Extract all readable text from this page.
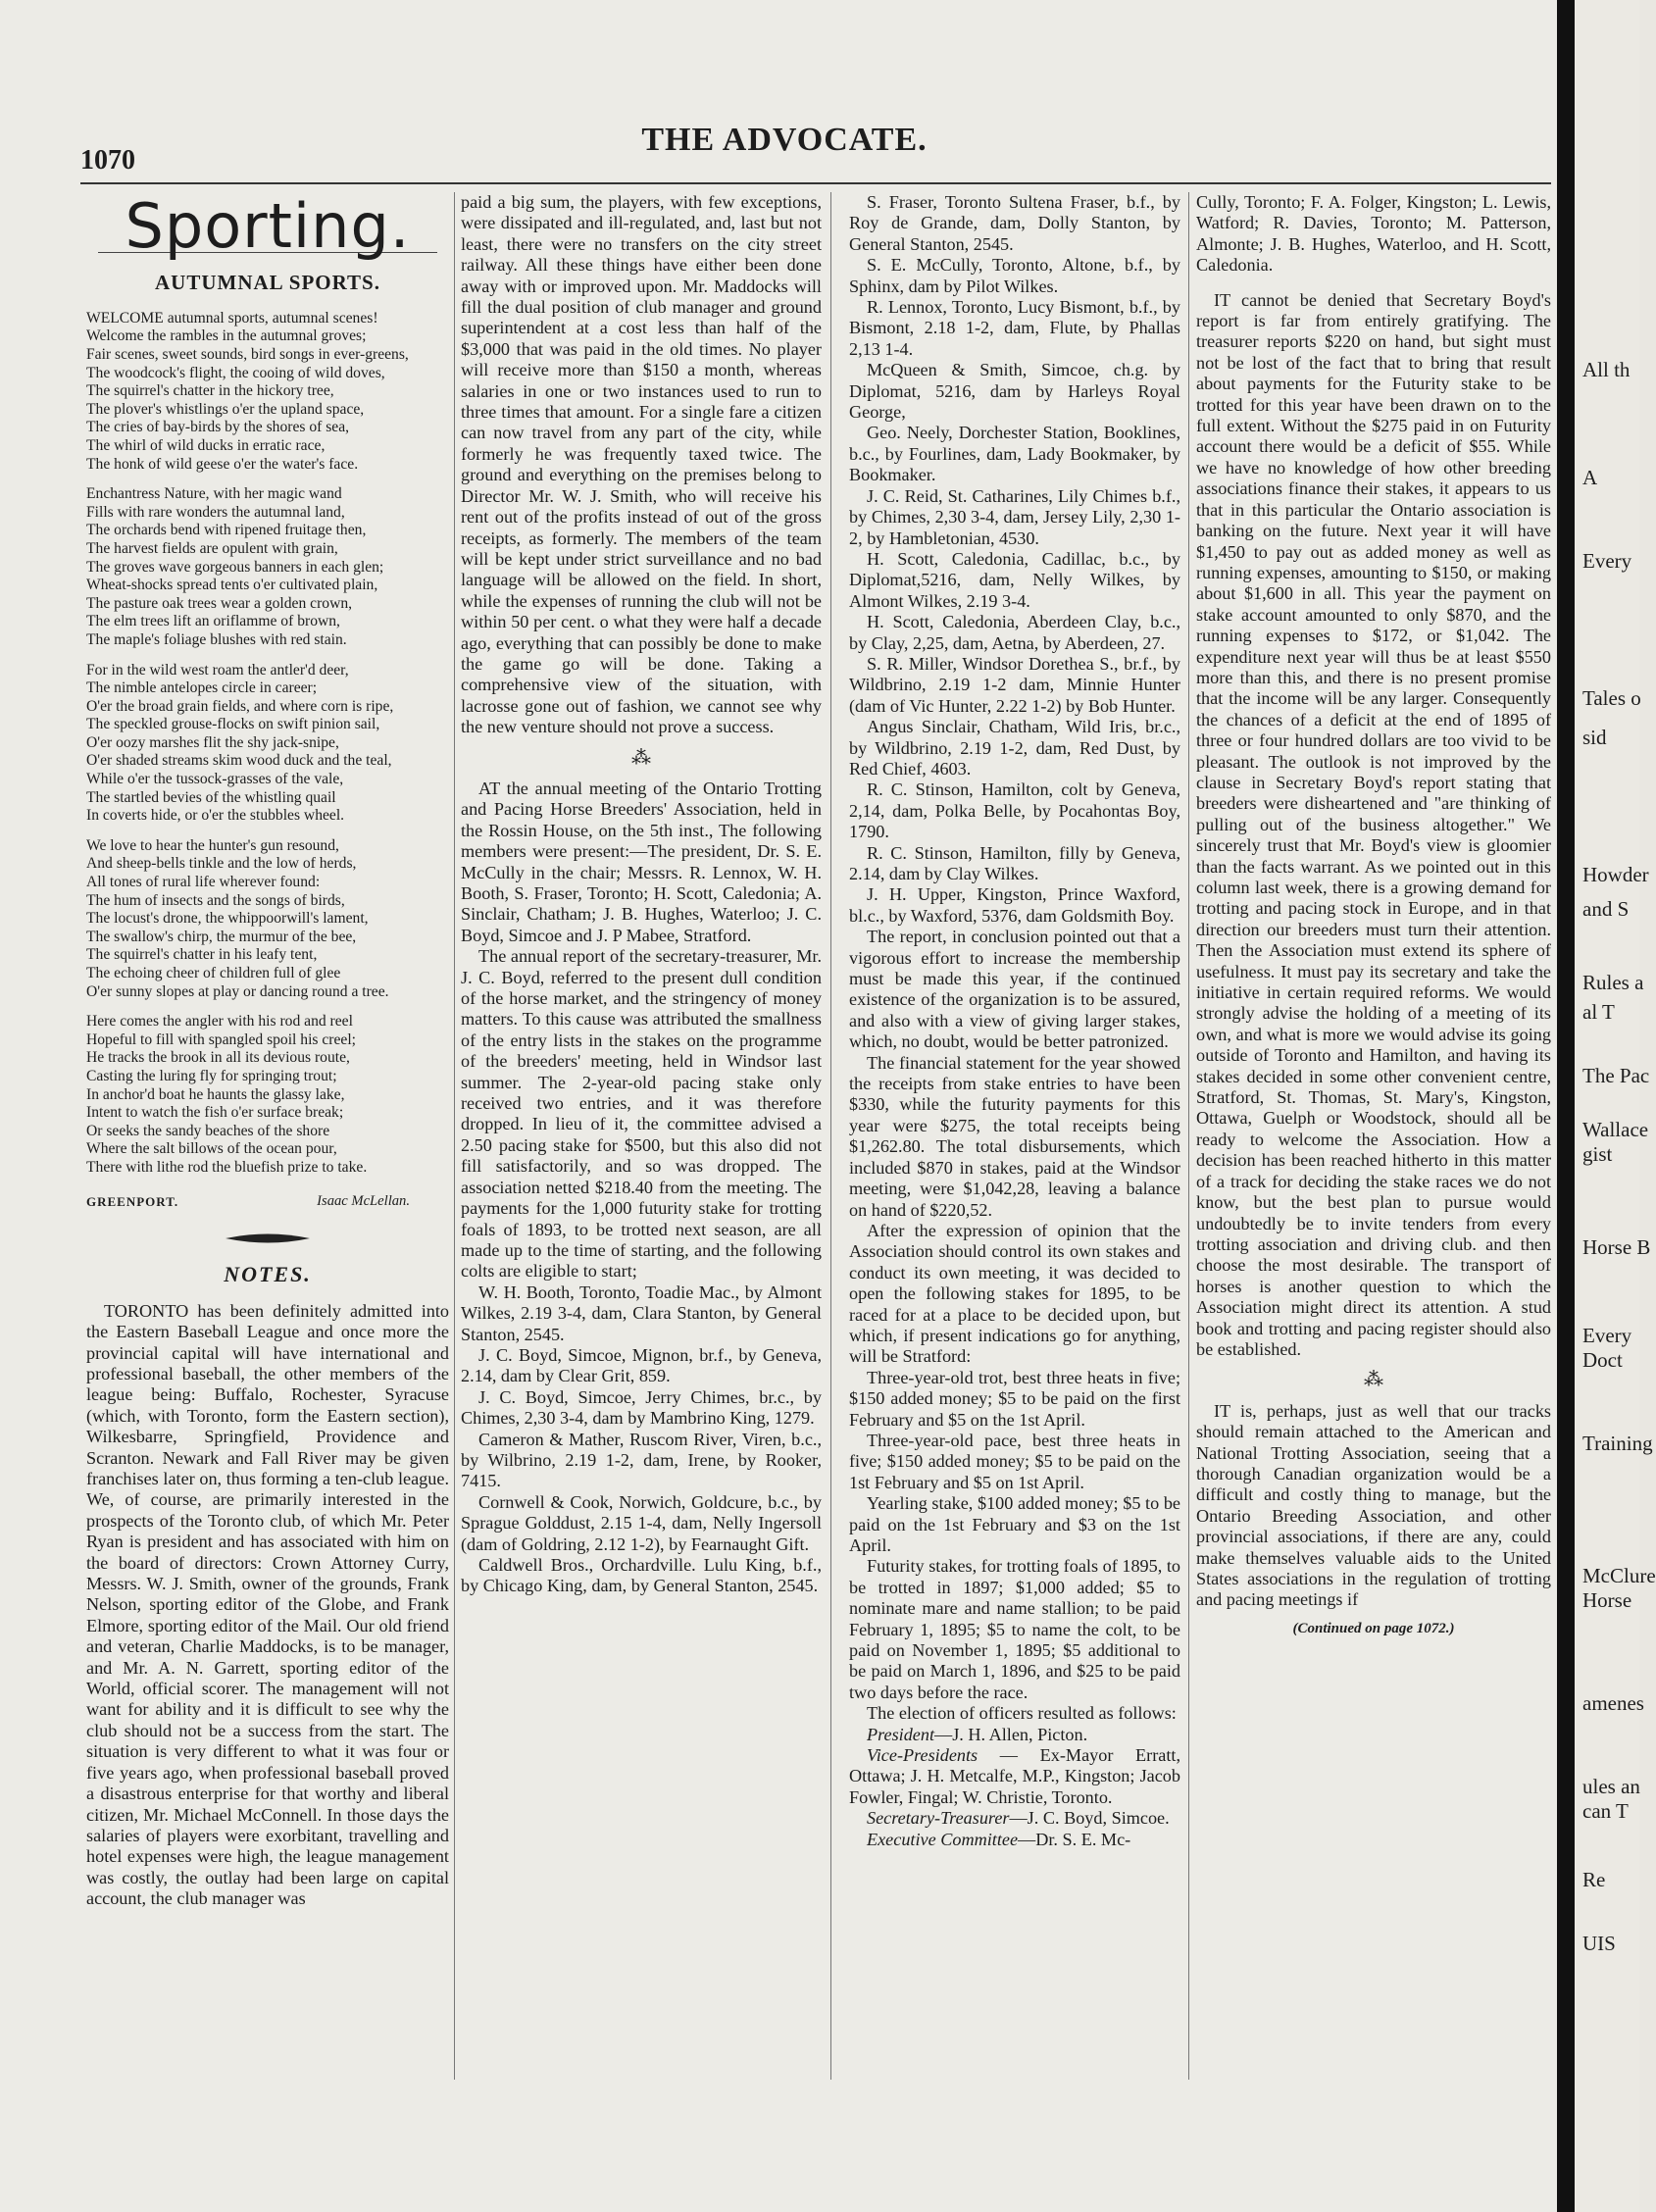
1070
THE ADVOCATE.
Sporting.
AUTUMNAL SPORTS.
WELCOME autumnal sports, autumnal scenes!
Welcome the rambles in the autumnal groves;
Fair scenes, sweet sounds, bird songs in ever-greens,
The woodcock's flight, the cooing of wild doves,
The squirrel's chatter in the hickory tree,
The plover's whistlings o'er the upland space,
The cries of bay-birds by the shores of sea,
The whirl of wild ducks in erratic race,
The honk of wild geese o'er the water's face.
Enchantress Nature, with her magic wand
Fills with rare wonders the autumnal land,
The orchards bend with ripened fruitage then,
The harvest fields are opulent with grain,
The groves wave gorgeous banners in each glen;
Wheat-shocks spread tents o'er cultivated plain,
The pasture oak trees wear a golden crown,
The elm trees lift an oriflamme of brown,
The maple's foliage blushes with red stain.
For in the wild west roam the antler'd deer,
The nimble antelopes circle in career;
O'er the broad grain fields, and where corn is ripe,
The speckled grouse-flocks on swift pinion sail,
O'er oozy marshes flit the shy jack-snipe,
O'er shaded streams skim wood duck and the teal,
While o'er the tussock-grasses of the vale,
The startled bevies of the whistling quail
In coverts hide, or o'er the stubbles wheel.
We love to hear the hunter's gun resound,
And sheep-bells tinkle and the low of herds,
All tones of rural life wherever found:
The hum of insects and the songs of birds,
The locust's drone, the whippoorwill's lament,
The swallow's chirp, the murmur of the bee,
The squirrel's chatter in his leafy tent,
The echoing cheer of children full of glee
O'er sunny slopes at play or dancing round a tree.
Here comes the angler with his rod and reel
Hopeful to fill with spangled spoil his creel;
He tracks the brook in all its devious route,
Casting the luring fly for springing trout;
In anchor'd boat he haunts the glassy lake,
Intent to watch the fish o'er surface break;
Or seeks the sandy beaches of the shore
Where the salt billows of the ocean pour,
There with lithe rod the bluefish prize to take.
GREENPORT.	Isaac McLellan.
NOTES.

TORONTO has been definitely admitted into the Eastern Baseball League and once more the provincial capital will have international and professional baseball, the other members of the league being: Buffalo, Rochester, Syracuse (which, with Toronto, form the Eastern section), Wilkesbarre, Springfield, Providence and Scranton. Newark and Fall River may be given franchises later on, thus forming a ten-club league. We, of course, are primarily interested in the prospects of the Toronto club, of which Mr. Peter Ryan is president and has associated with him on the board of directors: Crown Attorney Curry, Messrs. W. J. Smith, owner of the grounds, Frank Nelson, sporting editor of the Globe, and Frank Elmore, sporting editor of the Mail. Our old friend and veteran, Charlie Maddocks, is to be manager, and Mr. A. N. Garrett, sporting editor of the World, official scorer. The management will not want for ability and it is difficult to see why the club should not be a success from the start. The situation is very different to what it was four or five years ago, when professional baseball proved a disastrous enterprise for that worthy and liberal citizen, Mr. Michael McConnell. In those days the salaries of players were exorbitant, travelling and hotel expenses were high, the league management was costly, the outlay had been large on capital account, the club manager was

paid a big sum, the players, with few exceptions, were dissipated and ill-regulated, and, last but not least, there were no transfers on the city street railway. All these things have either been done away with or improved upon. Mr. Maddocks will fill the dual position of club manager and ground superintendent at a cost less than half of the $3,000 that was paid in the old times. No player will receive more than $150 a month, whereas salaries in one or two instances used to run to three times that amount. For a single fare a citizen can now travel from any part of the city, while formerly he was frequently taxed twice. The ground and everything on the premises belong to Director Mr. W. J. Smith, who will receive his rent out of the profits instead of out of the gross receipts, as formerly. The members of the team will be kept under strict surveillance and no bad language will be allowed on the field. In short, while the expenses of running the club will not be within 50 per cent. o what they were half a decade ago, everything that can possibly be done to make the game go will be done. Taking a comprehensive view of the situation, with lacrosse gone out of fashion, we cannot see why the new venture should not prove a success.

⁂

AT the annual meeting of the Ontario Trotting and Pacing Horse Breeders' Association, held in the Rossin House, on the 5th inst., The following members were present:—The president, Dr. S. E. McCully in the chair; Messrs. R. Lennox, W. H. Booth, S. Fraser, Toronto; H. Scott, Caledonia; A. Sinclair, Chatham; J. B. Hughes, Waterloo; J. C. Boyd, Simcoe and J. P Mabee, Stratford.

The annual report of the secretary-treasurer, Mr. J. C. Boyd, referred to the present dull condition of the horse market, and the stringency of money matters. To this cause was attributed the smallness of the entry lists in the stakes on the programme of the breeders' meeting, held in Windsor last summer. The 2-year-old pacing stake only received two entries, and it was therefore dropped. In lieu of it, the committee advised a 2.50 pacing stake for $500, but this also did not fill satisfactorily, and so was dropped. The association netted $218.40 from the meeting. The payments for the 1,000 futurity stake for trotting foals of 1893, to be trotted next season, are all made up to the time of starting, and the following colts are eligible to start;

W. H. Booth, Toronto, Toadie Mac., by Almont Wilkes, 2.19 3-4, dam, Clara Stanton, by General Stanton, 2545.

J. C. Boyd, Simcoe, Mignon, br.f., by Geneva, 2.14, dam by Clear Grit, 859.

J. C. Boyd, Simcoe, Jerry Chimes, br.c., by Chimes, 2,30 3-4, dam by Mambrino King, 1279.

Cameron & Mather, Ruscom River, Viren, b.c., by Wilbrino, 2.19 1-2, dam, Irene, by Rooker, 7415.

Cornwell & Cook, Norwich, Goldcure, b.c., by Sprague Golddust, 2.15 1-4, dam, Nelly Ingersoll (dam of Goldring, 2.12 1-2), by Fearnaught Gift.

Caldwell Bros., Orchardville. Lulu King, b.f., by Chicago King, dam, by General Stanton, 2545.

S. Fraser, Toronto Sultena Fraser, b.f., by Roy de Grande, dam, Dolly Stanton, by General Stanton, 2545.

S. E. McCully, Toronto, Altone, b.f., by Sphinx, dam by Pilot Wilkes.

R. Lennox, Toronto, Lucy Bismont, b.f., by Bismont, 2.18 1-2, dam, Flute, by Phallas 2,13 1-4.

McQueen & Smith, Simcoe, ch.g. by Diplomat, 5216, dam by Harleys Royal George,

Geo. Neely, Dorchester Station, Booklines, b.c., by Fourlines, dam, Lady Bookmaker, by Bookmaker.

J. C. Reid, St. Catharines, Lily Chimes b.f., by Chimes, 2,30 3-4, dam, Jersey Lily, 2,30 1-2, by Hambletonian, 4530.

H. Scott, Caledonia, Cadillac, b.c., by Diplomat,5216, dam, Nelly Wilkes, by Almont Wilkes, 2.19 3-4.

H. Scott, Caledonia, Aberdeen Clay, b.c., by Clay, 2,25, dam, Aetna, by Aberdeen, 27.

S. R. Miller, Windsor Dorethea S., br.f., by Wildbrino, 2.19 1-2 dam, Minnie Hunter (dam of Vic Hunter, 2.22 1-2) by Bob Hunter.

Angus Sinclair, Chatham, Wild Iris, br.c., by Wildbrino, 2.19 1-2, dam, Red Dust, by Red Chief, 4603.

R. C. Stinson, Hamilton, colt by Geneva, 2,14, dam, Polka Belle, by Pocahontas Boy, 1790.

R. C. Stinson, Hamilton, filly by Geneva, 2.14, dam by Clay Wilkes.

J. H. Upper, Kingston, Prince Waxford, bl.c., by Waxford, 5376, dam Goldsmith Boy.

The report, in conclusion pointed out that a vigorous effort to increase the membership must be made this year, if the continued existence of the organization is to be assured, and also with a view of giving larger stakes, which, no doubt, would be better patronized.

The financial statement for the year showed the receipts from stake entries to have been $330, while the futurity payments for this year were $275, the total receipts being $1,262.80. The total disbursements, which included $870 in stakes, paid at the Windsor meeting, were $1,042,28, leaving a balance on hand of $220,52.

After the expression of opinion that the Association should control its own stakes and conduct its own meeting, it was decided to open the following stakes for 1895, to be raced for at a place to be decided upon, but which, if present indications go for anything, will be Stratford:

Three-year-old trot, best three heats in five; $150 added money; $5 to be paid on the first February and $5 on the 1st April.

Three-year-old pace, best three heats in five; $150 added money; $5 to be paid on the 1st February and $5 on 1st April.

Yearling stake, $100 added money; $5 to be paid on the 1st February and $3 on the 1st April.

Futurity stakes, for trotting foals of 1895, to be trotted in 1897; $1,000 added; $5 to nominate mare and name stallion; to be paid February 1, 1895; $5 to name the colt, to be paid on November 1, 1895; $5 additional to be paid on March 1, 1896, and $25 to be paid two days before the race.

The election of officers resulted as follows:

President—J. H. Allen, Picton.

Vice-Presidents — Ex-Mayor Erratt, Ottawa; J. H. Metcalfe, M.P., Kingston; Jacob Fowler, Fingal; W. Christie, Toronto.

Secretary-Treasurer—J. C. Boyd, Simcoe.

Executive Committee—Dr. S. E. Mc-

Cully, Toronto; F. A. Folger, Kingston; L. Lewis, Watford; R. Davies, Toronto; M. Patterson, Almonte; J. B. Hughes, Waterloo, and H. Scott, Caledonia.

IT cannot be denied that Secretary Boyd's report is far from entirely gratifying. The treasurer reports $220 on hand, but sight must not be lost of the fact that to bring that result about payments for the Futurity stake to be trotted for this year have been drawn on to the full extent. Without the $275 paid in on Futurity account there would be a deficit of $55. While we have no knowledge of how other breeding associations finance their stakes, it appears to us that in this particular the Ontario association is banking on the future. Next year it will have $1,450 to pay out as added money as well as running expenses, amounting to $150, or making about $1,600 in all. This year the payment on stake account amounted to only $870, and the running expenses to $172, or $1,042. The expenditure next year will thus be at least $550 more than this, and there is no present promise that the income will be any larger. Consequently the chances of a deficit at the end of 1895 of three or four hundred dollars are too vivid to be pleasant. The outlook is not improved by the clause in Secretary Boyd's report stating that breeders were disheartened and "are thinking of pulling out of the business altogether." We sincerely trust that Mr. Boyd's view is gloomier than the facts warrant. As we pointed out in this column last week, there is a growing demand for trotting and pacing stock in Europe, and in that direction our breeders must turn their attention. Then the Association must extend its sphere of usefulness. It must pay its secretary and take the initiative in certain required reforms. We would strongly advise the holding of a meeting of its own, and what is more we would advise its going outside of Toronto and Hamilton, and having its stakes decided in some other convenient centre, Stratford, St. Thomas, St. Mary's, Kingston, Ottawa, Guelph or Woodstock, should all be ready to welcome the Association. How a decision has been reached hitherto in this matter of a track for deciding the stake races we do not know, but the best plan to pursue would undoubtedly be to invite tenders from every trotting association and driving club. and then choose the most desirable. The transport of horses is another question to which the Association might direct its attention. A stud book and trotting and pacing register should also be established.

⁂

IT is, perhaps, just as well that our tracks should remain attached to the American and National Trotting Association, seeing that a thorough Canadian organization would be a difficult and costly thing to manage, but the Ontario Breeding Association, and other provincial associations, if there are any, could make themselves valuable aids to the United States associations in the regulation of trotting and pacing meetings if

(Continued on page 1072.)
All th
A
Every
Tales o
sid
Howder
and S
Rules a
al T
The Pac
Wallace
gist
Horse B
Every
Doct
Training
McClure
Horse
amenes
ules an
can T
Re
UIS
